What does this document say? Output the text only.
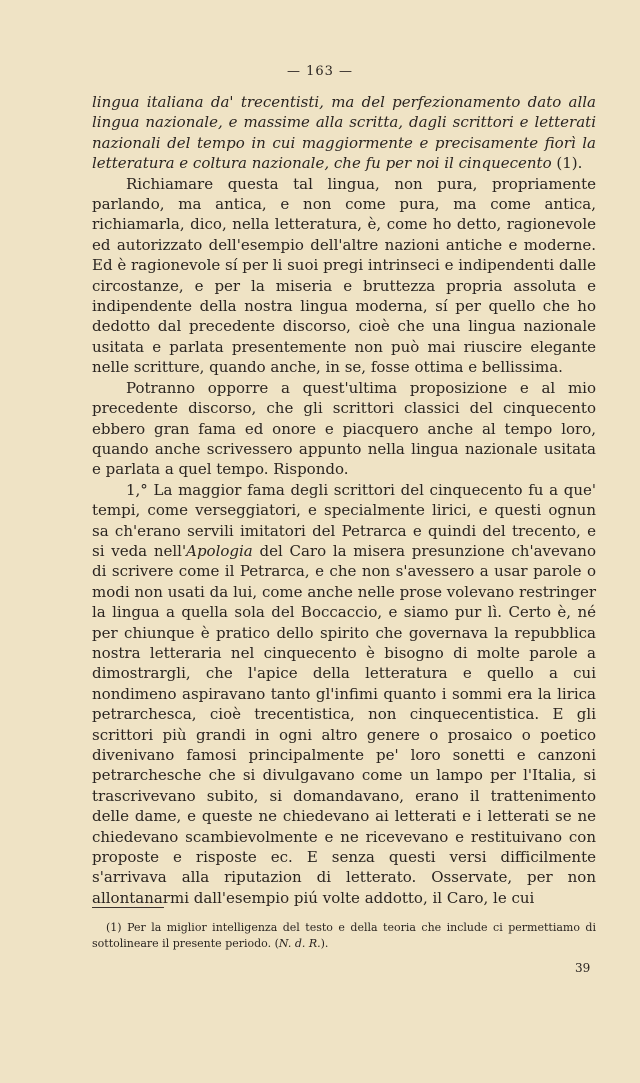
— 163 —

lingua italiana da' trecentisti, ma del perfezionamento dato alla lingua nazionale, e massime alla scritta, dagli scrittori e letterati nazionali del tempo in cui maggiormente e precisamente fiorì la letteratura e coltura nazionale, che fu per noi il cinquecento (1).

Richiamare questa tal lingua, non pura, propriamente parlando, ma antica, e non come pura, ma come antica, richiamarla, dico, nella letteratura, è, come ho detto, ragionevole ed autorizzato dell'esempio dell'altre nazioni antiche e moderne. Ed è ragionevole sí per li suoi pregi intrinseci e indipendenti dalle circostanze, e per la miseria e bruttezza propria assoluta e indipendente della nostra lingua moderna, sí per quello che ho dedotto dal precedente discorso, cioè che una lingua nazionale usitata e parlata presentemente non può mai riuscire elegante nelle scritture, quando anche, in se, fosse ottima e bellissima.

Potranno opporre a quest'ultima proposizione e al mio precedente discorso, che gli scrittori classici del cinquecento ebbero gran fama ed onore e piacquero anche al tempo loro, quando anche scrivessero appunto nella lingua nazionale usitata e parlata a quel tempo. Rispondo.

1,° La maggior fama degli scrittori del cinquecento fu a que' tempi, come verseggiatori, e specialmente lirici, e questi ognun sa ch'erano servili imitatori del Petrarca e quindi del trecento, e si veda nell'Apologia del Caro la misera presunzione ch'avevano di scrivere come il Petrarca, e che non s'avessero a usar parole o modi non usati da lui, come anche nelle prose volevano restringer la lingua a quella sola del Boccaccio, e siamo pur lì. Certo è, né per chiunque è pratico dello spirito che governava la repubblica nostra letteraria nel cinquecento è bisogno di molte parole a dimostrargli, che l'apice della letteratura e quello a cui nondimeno aspiravano tanto gl'infimi quanto i sommi era la lirica petrarchesca, cioè trecentistica, non cinquecentistica. E gli scrittori più grandi in ogni altro genere o prosaico o poetico divenivano famosi principalmente pe' loro sonetti e canzoni petrarchesche che si divulgavano come un lampo per l'Italia, si trascrivevano subito, si domandavano, erano il trattenimento delle dame, e queste ne chiedevano ai letterati e i letterati se ne chiedevano scambievolmente e ne ricevevano e restituivano con proposte e risposte ec. E senza questi versi difficilmente s'arrivava alla riputazion di letterato. Osservate, per non allontanarmi dall'esempio piú volte addotto, il Caro, le cui

(1) Per la miglior intelligenza del testo e della teoria che include ci permettiamo di sottolineare il presente periodo. (N. d. R.).
39
